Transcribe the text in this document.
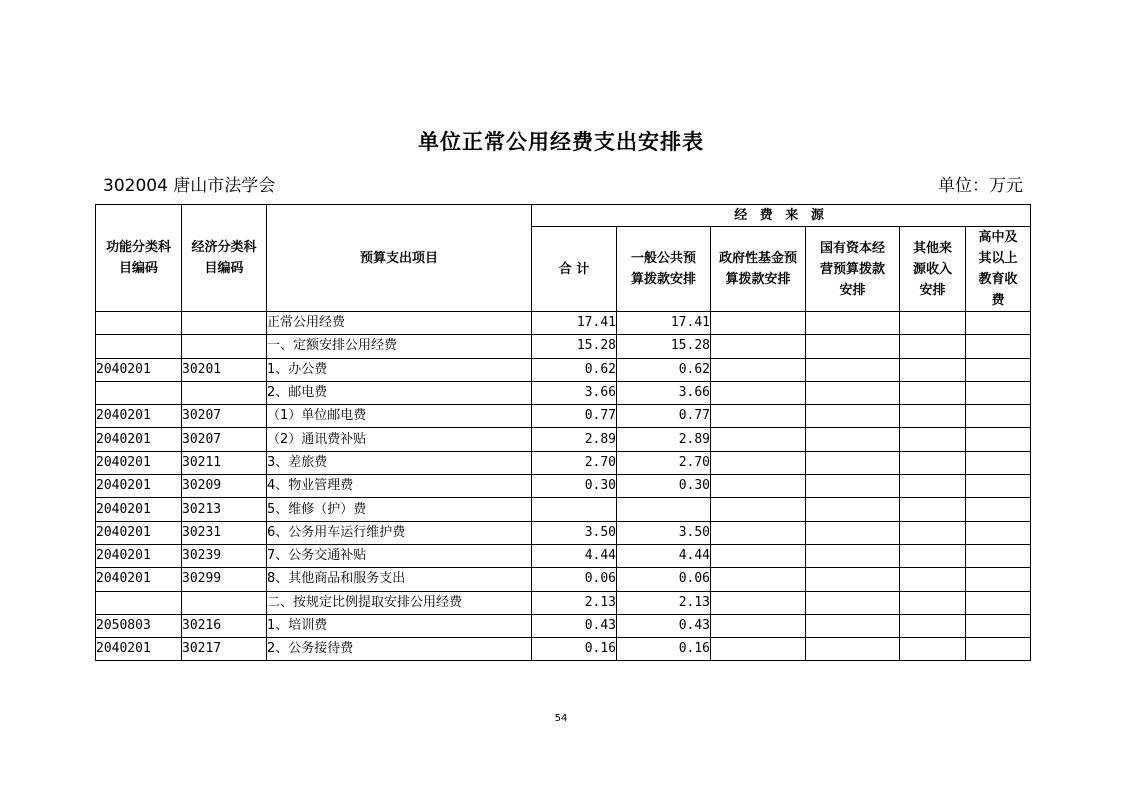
单位正常公用经费支出安排表
302004 唐山市法学会	单位：万元
功能分类科目编码	经济分类科目编码	预算支出项目	经 费 来 源					
			合 计	一般公共预算拨款安排	政府性基金预算拨款安排	国有资本经营预算拨款安排	其他来源收入安排	高中及其以上教育收费
		正常公用经费	17.41	17.41				
		一、定额安排公用经费	15.28	15.28				
2040201	30201	1、办公费	0.62	0.62				
		2、邮电费	3.66	3.66				
2040201	30207	（1）单位邮电费	0.77	0.77				
2040201	30207	（2）通讯费补贴	2.89	2.89				
2040201	30211	3、差旅费	2.70	2.70				
2040201	30209	4、物业管理费	0.30	0.30				
2040201	30213	5、维修（护）费						
2040201	30231	6、公务用车运行维护费	3.50	3.50				
2040201	30239	7、公务交通补贴	4.44	4.44				
2040201	30299	8、其他商品和服务支出	0.06	0.06				
		二、按规定比例提取安排公用经费	2.13	2.13				
2050803	30216	1、培训费	0.43	0.43				
2040201	30217	2、公务接待费	0.16	0.16				
54
